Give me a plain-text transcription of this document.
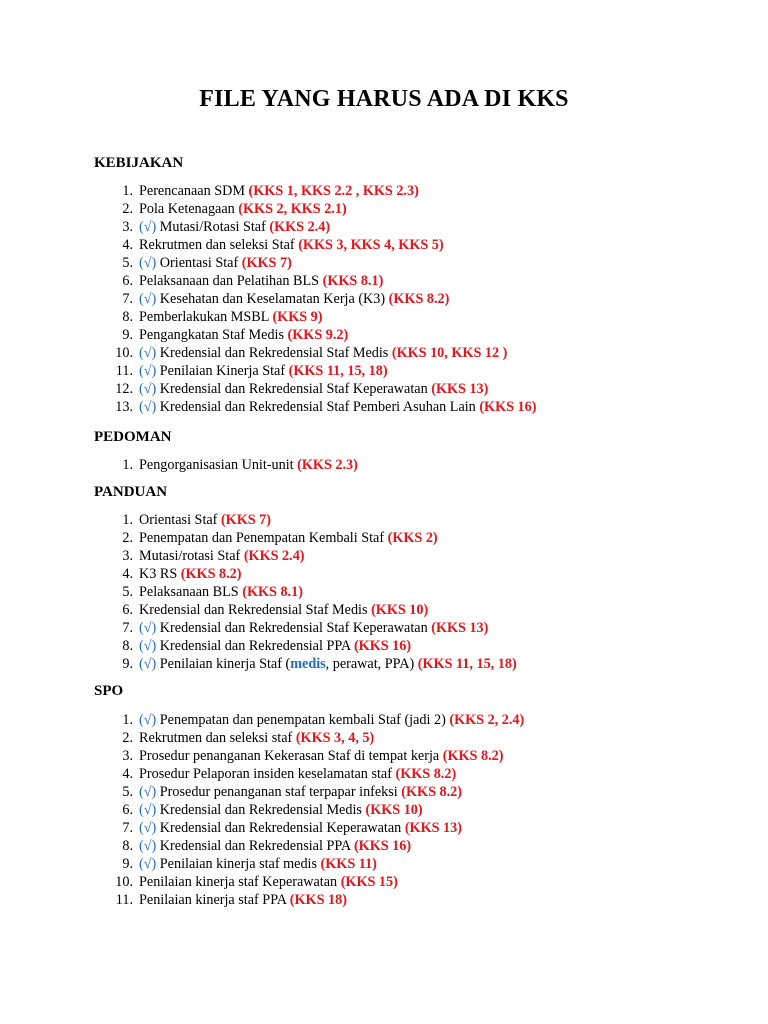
FILE YANG HARUS ADA DI KKS

KEBIJAKAN

1. Perencanaan SDM (KKS 1, KKS 2.2 , KKS 2.3)
2. Pola Ketenagaan (KKS 2, KKS 2.1)
3. (√) Mutasi/Rotasi Staf (KKS 2.4)
4. Rekrutmen dan seleksi Staf (KKS 3, KKS 4, KKS 5)
5. (√) Orientasi Staf (KKS 7)
6. Pelaksanaan dan Pelatihan BLS (KKS 8.1)
7. (√) Kesehatan dan Keselamatan Kerja (K3) (KKS 8.2)
8. Pemberlakukan MSBL (KKS 9)
9. Pengangkatan Staf Medis (KKS 9.2)
10. (√) Kredensial dan Rekredensial Staf Medis (KKS 10, KKS 12 )
11. (√) Penilaian Kinerja Staf (KKS 11, 15, 18)
12. (√) Kredensial dan Rekredensial Staf Keperawatan (KKS 13)
13. (√) Kredensial dan Rekredensial Staf Pemberi Asuhan Lain (KKS 16)

PEDOMAN

1. Pengorganisasian Unit-unit (KKS 2.3)

PANDUAN

1. Orientasi Staf (KKS 7)
2. Penempatan dan Penempatan Kembali Staf (KKS 2)
3. Mutasi/rotasi Staf (KKS 2.4)
4. K3 RS (KKS 8.2)
5. Pelaksanaan BLS (KKS 8.1)
6. Kredensial dan Rekredensial Staf Medis (KKS 10)
7. (√) Kredensial dan Rekredensial Staf Keperawatan (KKS 13)
8. (√) Kredensial dan Rekredensial PPA (KKS 16)
9. (√) Penilaian kinerja Staf (medis, perawat, PPA) (KKS 11, 15, 18)

SPO

1. (√) Penempatan dan penempatan kembali Staf (jadi 2) (KKS 2, 2.4)
2. Rekrutmen dan seleksi staf (KKS 3, 4, 5)
3. Prosedur penanganan Kekerasan Staf di tempat kerja (KKS 8.2)
4. Prosedur Pelaporan insiden keselamatan staf (KKS 8.2)
5. (√) Prosedur penanganan staf terpapar infeksi (KKS 8.2)
6. (√) Kredensial dan Rekredensial Medis (KKS 10)
7. (√) Kredensial dan Rekredensial Keperawatan (KKS 13)
8. (√) Kredensial dan Rekredensial PPA (KKS 16)
9. (√) Penilaian kinerja staf medis (KKS 11)
10. Penilaian kinerja staf Keperawatan (KKS 15)
11. Penilaian kinerja staf PPA (KKS 18)
